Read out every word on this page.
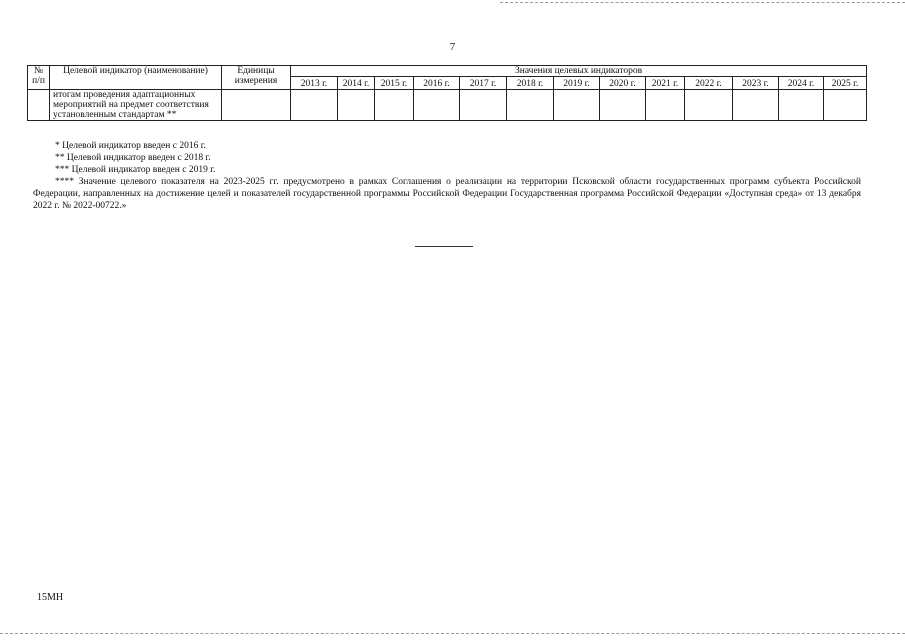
7
№ п/п	Целевой индикатор (наименование)	Единицы измерения	Значения целевых индикаторов												
			2013 г.	2014 г.	2015 г.	2016 г.	2017 г.	2018 г.	2019 г.	2020 г.	2021 г.	2022 г.	2023 г.	2024 г.	2025 г.
	итогам проведения адаптационных мероприятий на предмет соответствия установленным стандартам **														
* Целевой индикатор введен с 2016 г.
** Целевой индикатор введен с 2018 г.
*** Целевой индикатор введен с 2019 г.
**** Значение целевого показателя на 2023-2025 гг. предусмотрено в рамках Соглашения о реализации на территории Псковской области государственных программ субъекта Российской Федерации, направленных на достижение целей и показателей государственной программы Российской Федерации Государственная программа Российской Федерации «Доступная среда» от 13 декабря 2022 г. № 2022-00722.»
15МН
